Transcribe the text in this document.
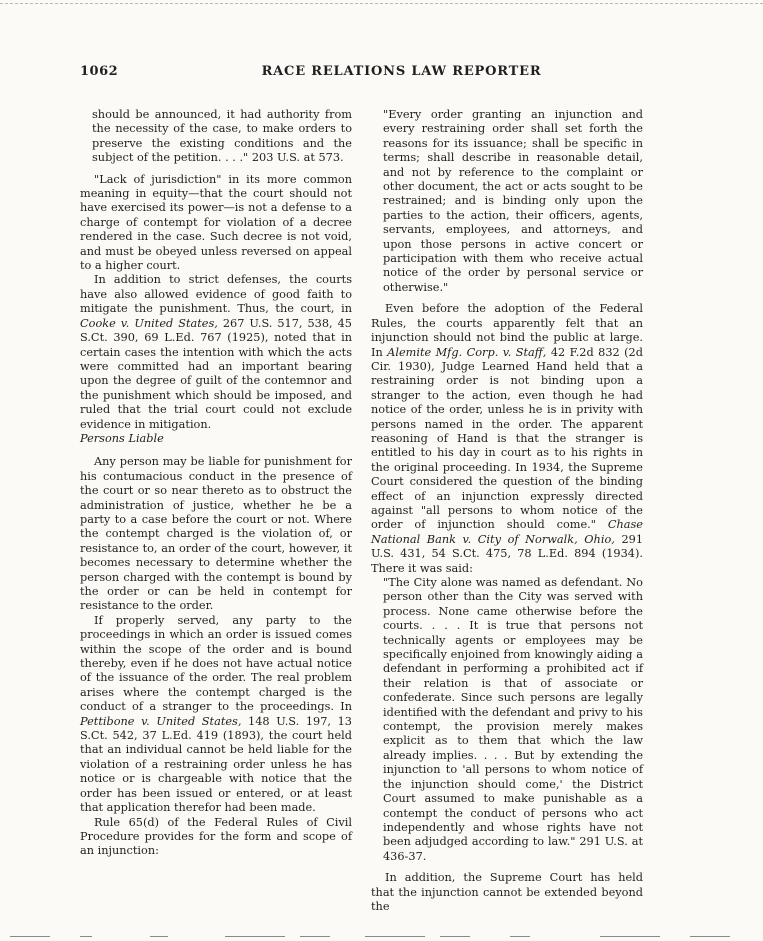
1062	RACE RELATIONS LAW REPORTER

should be announced, it had authority from the necessity of the case, to make orders to preserve the existing conditions and the subject of the petition. . . ." 203 U.S. at 573.

"Lack of jurisdiction" in its more common meaning in equity—that the court should not have exercised its power—is not a defense to a charge of contempt for violation of a decree rendered in the case. Such decree is not void, and must be obeyed unless reversed on appeal to a higher court.

In addition to strict defenses, the courts have also allowed evidence of good faith to mitigate the punishment. Thus, the court, in Cooke v. United States, 267 U.S. 517, 538, 45 S.Ct. 390, 69 L.Ed. 767 (1925), noted that in certain cases the intention with which the acts were committed had an important bearing upon the degree of guilt of the contemnor and the punishment which should be imposed, and ruled that the trial court could not exclude evidence in mitigation.

Persons Liable

Any person may be liable for punishment for his contumacious conduct in the presence of the court or so near thereto as to obstruct the administration of justice, whether he be a party to a case before the court or not. Where the contempt charged is the violation of, or resistance to, an order of the court, however, it becomes necessary to determine whether the person charged with the contempt is bound by the order or can be held in contempt for resistance to the order.

If properly served, any party to the proceedings in which an order is issued comes within the scope of the order and is bound thereby, even if he does not have actual notice of the issuance of the order. The real problem arises where the contempt charged is the conduct of a stranger to the proceedings. In Pettibone v. United States, 148 U.S. 197, 13 S.Ct. 542, 37 L.Ed. 419 (1893), the court held that an individual cannot be held liable for the violation of a restraining order unless he has notice or is chargeable with notice that the order has been issued or entered, or at least that application therefor had been made.

Rule 65(d) of the Federal Rules of Civil Procedure provides for the form and scope of an injunction:

"Every order granting an injunction and every restraining order shall set forth the reasons for its issuance; shall be specific in terms; shall describe in reasonable detail, and not by reference to the complaint or other document, the act or acts sought to be restrained; and is binding only upon the parties to the action, their officers, agents, servants, employees, and attorneys, and upon those persons in active concert or participation with them who receive actual notice of the order by personal service or otherwise."

Even before the adoption of the Federal Rules, the courts apparently felt that an injunction should not bind the public at large. In Alemite Mfg. Corp. v. Staff, 42 F.2d 832 (2d Cir. 1930), Judge Learned Hand held that a restraining order is not binding upon a stranger to the action, even though he had notice of the order, unless he is in privity with persons named in the order. The apparent reasoning of Hand is that the stranger is entitled to his day in court as to his rights in the original proceeding. In 1934, the Supreme Court considered the question of the binding effect of an injunction expressly directed against "all persons to whom notice of the order of injunction should come." Chase National Bank v. City of Norwalk, Ohio, 291 U.S. 431, 54 S.Ct. 475, 78 L.Ed. 894 (1934). There it was said:

"The City alone was named as defendant. No person other than the City was served with process. None came otherwise before the courts. . . . It is true that persons not technically agents or employees may be specifically enjoined from knowingly aiding a defendant in performing a prohibited act if their relation is that of associate or confederate. Since such persons are legally identified with the defendant and privy to his contempt, the provision merely makes explicit as to them that which the law already implies. . . . But by extending the injunction to 'all persons to whom notice of the injunction should come,' the District Court assumed to make punishable as a contempt the conduct of persons who act independently and whose rights have not been adjudged according to law." 291 U.S. at 436-37.

In addition, the Supreme Court has held that the injunction cannot be extended beyond the
